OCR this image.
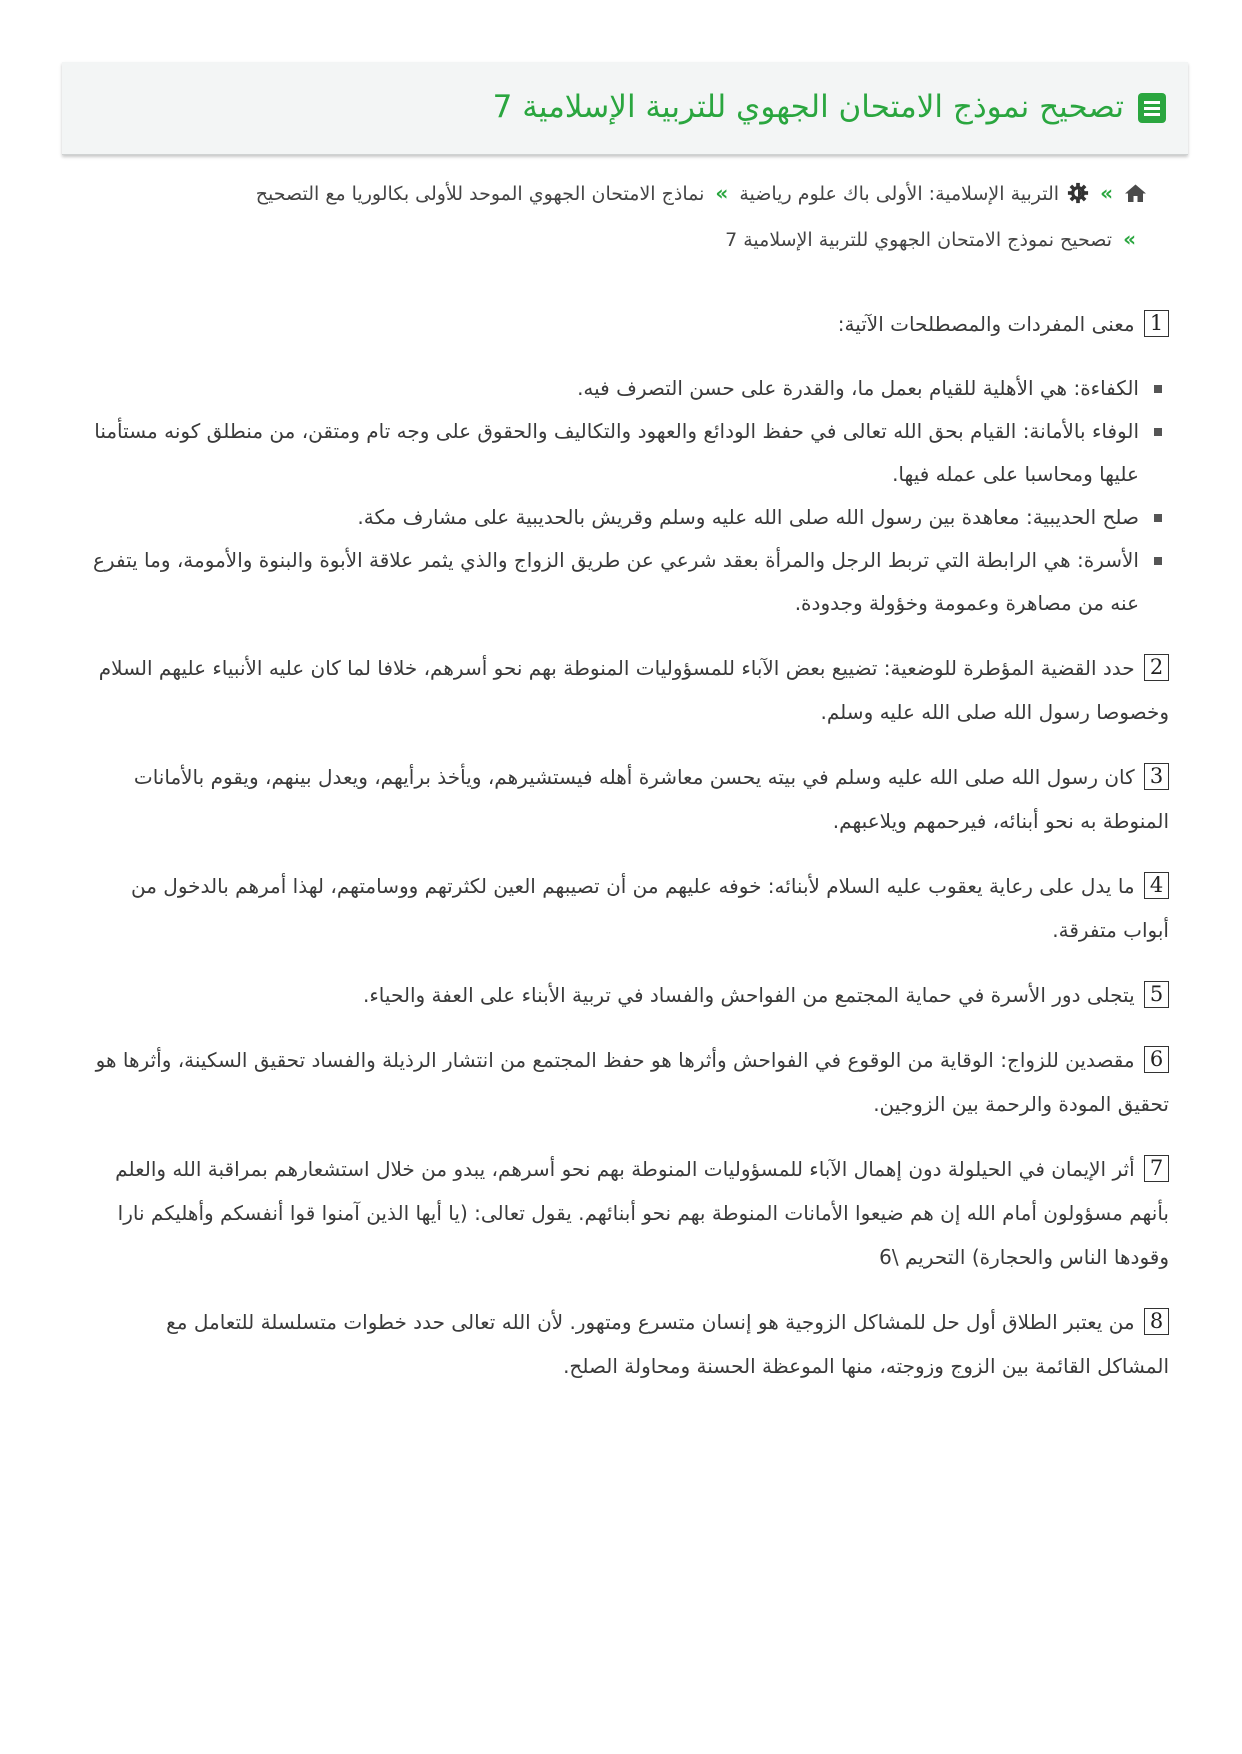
تصحيح نموذج الامتحان الجهوي للتربية الإسلامية 7
»
التربية الإسلامية: الأولى باك علوم رياضية»نماذج الامتحان الجهوي الموحد للأولى بكالوريا مع التصحيح
»تصحيح نموذج الامتحان الجهوي للتربية الإسلامية 7

1 معنى المفردات والمصطلحات الآتية:

الكفاءة: هي الأهلية للقيام بعمل ما، والقدرة على حسن التصرف فيه.
الوفاء بالأمانة: القيام بحق الله تعالى في حفظ الودائع والعهود والتكاليف والحقوق على وجه تام ومتقن، من منطلق كونه مستأمنا عليها ومحاسبا على عمله فيها.
صلح الحديبية: معاهدة بين رسول الله صلى الله عليه وسلم وقريش بالحديبية على مشارف مكة.
الأسرة: هي الرابطة التي تربط الرجل والمرأة بعقد شرعي عن طريق الزواج والذي يثمر علاقة الأبوة والبنوة والأمومة، وما يتفرع عنه من مصاهرة وعمومة وخؤولة وجدودة.

2 حدد القضية المؤطرة للوضعية: تضييع بعض الآباء للمسؤوليات المنوطة بهم نحو أسرهم، خلافا لما كان عليه الأنبياء عليهم السلام وخصوصا رسول الله صلى الله عليه وسلم.

3 كان رسول الله صلى الله عليه وسلم في بيته يحسن معاشرة أهله فيستشيرهم، ويأخذ برأيهم، ويعدل بينهم، ويقوم بالأمانات المنوطة به نحو أبنائه، فيرحمهم ويلاعبهم.

4 ما يدل على رعاية يعقوب عليه السلام لأبنائه: خوفه عليهم من أن تصيبهم العين لكثرتهم ووسامتهم، لهذا أمرهم بالدخول من أبواب متفرقة.

5 يتجلى دور الأسرة في حماية المجتمع من الفواحش والفساد في تربية الأبناء على العفة والحياء.

6 مقصدين للزواج: الوقاية من الوقوع في الفواحش وأثرها هو حفظ المجتمع من انتشار الرذيلة والفساد تحقيق السكينة، وأثرها هو تحقيق المودة والرحمة بين الزوجين.

7 أثر الإيمان في الحيلولة دون إهمال الآباء للمسؤوليات المنوطة بهم نحو أسرهم، يبدو من خلال استشعارهم بمراقبة الله والعلم بأنهم مسؤولون أمام الله إن هم ضيعوا الأمانات المنوطة بهم نحو أبنائهم. يقول تعالى: (يا أيها الذين آمنوا قوا أنفسكم وأهليكم نارا وقودها الناس والحجارة) التحريم \6

8 من يعتبر الطلاق أول حل للمشاكل الزوجية هو إنسان متسرع ومتهور. لأن الله تعالى حدد خطوات متسلسلة للتعامل مع المشاكل القائمة بين الزوج وزوجته، منها الموعظة الحسنة ومحاولة الصلح.
